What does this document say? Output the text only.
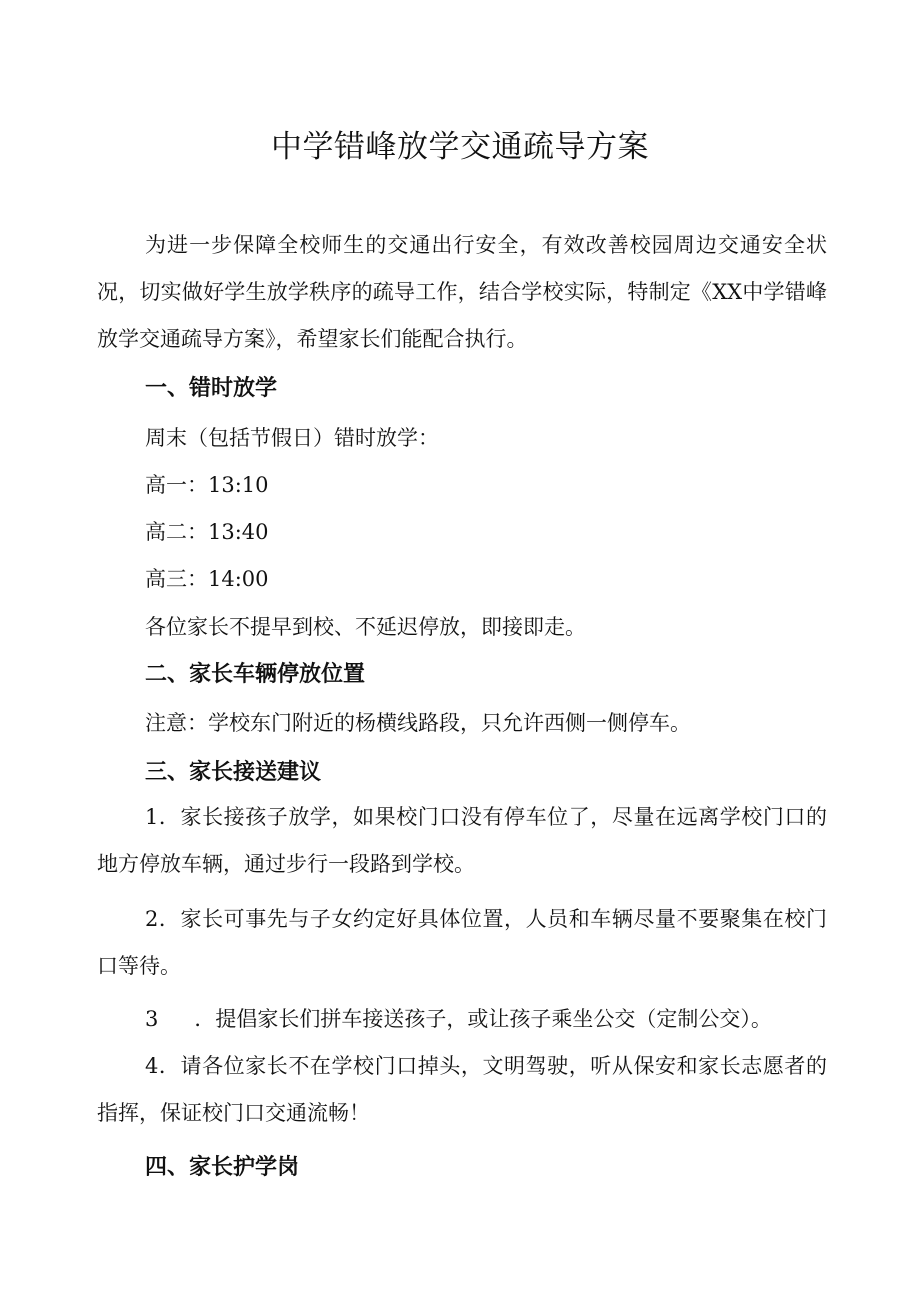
中学错峰放学交通疏导方案

为进一步保障全校师生的交通出行安全，有效改善校园周边交通安全状况，切实做好学生放学秩序的疏导工作，结合学校实际，特制定《XX中学错峰放学交通疏导方案》，希望家长们能配合执行。

一、错时放学

周末（包括节假日）错时放学：

高一：13:10

高二：13:40

高三：14:00

各位家长不提早到校、不延迟停放，即接即走。

二、家长车辆停放位置

注意：学校东门附近的杨横线路段，只允许西侧一侧停车。

三、家长接送建议

1．家长接孩子放学，如果校门口没有停车位了，尽量在远离学校门口的地方停放车辆，通过步行一段路到学校。

2．家长可事先与子女约定好具体位置，人员和车辆尽量不要聚集在校门口等待。

3 ．提倡家长们拼车接送孩子，或让孩子乘坐公交（定制公交）。

4．请各位家长不在学校门口掉头，文明驾驶，听从保安和家长志愿者的指挥，保证校门口交通流畅！

四、家长护学岗
